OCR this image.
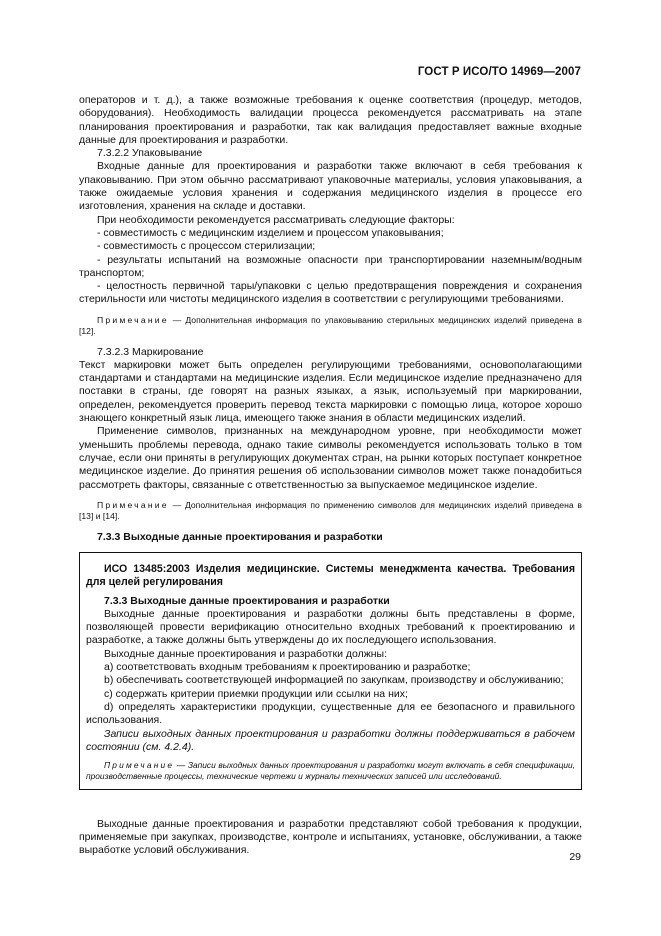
ГОСТ Р ИСО/ТО 14969—2007

операторов и т. д.), а также возможные требования к оценке соответствия (процедур, методов, оборудования). Необходимость валидации процесса рекомендуется рассматривать на этапе планирования проектирования и разработки, так как валидация предоставляет важные входные данные для проектирования и разработки.

7.3.2.2 Упаковывание

Входные данные для проектирования и разработки также включают в себя требования к упаковыванию. При этом обычно рассматривают упаковочные материалы, условия упаковывания, а также ожидаемые условия хранения и содержания медицинского изделия в процессе его изготовления, хранения на складе и доставки.

При необходимости рекомендуется рассматривать следующие факторы:

- совместимость с медицинским изделием и процессом упаковывания;

- совместимость с процессом стерилизации;

- результаты испытаний на возможные опасности при транспортировании наземным/водным транспортом;

- целостность первичной тары/упаковки с целью предотвращения повреждения и сохранения стерильности или чистоты медицинского изделия в соответствии с регулирующими требованиями.

Примечание — Дополнительная информация по упаковыванию стерильных медицинских изделий приведена в [12].

7.3.2.3 Маркирование

Текст маркировки может быть определен регулирующими требованиями, основополагающими стандартами и стандартами на медицинские изделия. Если медицинское изделие предназначено для поставки в страны, где говорят на разных языках, а язык, используемый при маркировании, определен, рекомендуется проверить перевод текста маркировки с помощью лица, которое хорошо знающего конкретный язык лица, имеющего также знания в области медицинских изделий.

Применение символов, признанных на международном уровне, при необходимости может уменьшить проблемы перевода, однако такие символы рекомендуется использовать только в том случае, если они приняты в регулирующих документах стран, на рынки которых поступает конкретное медицинское изделие. До принятия решения об использовании символов может также понадобиться рассмотреть факторы, связанные с ответственностью за выпускаемое медицинское изделие.

Примечание — Дополнительная информация по применению символов для медицинских изделий приведена в [13] и [14].

7.3.3 Выходные данные проектирования и разработки

ИСО 13485:2003 Изделия медицинские. Системы менеджмента качества. Требования для целей регулирования

7.3.3 Выходные данные проектирования и разработки

Выходные данные проектирования и разработки должны быть представлены в форме, позволяющей провести верификацию относительно входных требований к проектированию и разработке, а также должны быть утверждены до их последующего использования.

Выходные данные проектирования и разработки должны:

a) соответствовать входным требованиям к проектированию и разработке;

b) обеспечивать соответствующей информацией по закупкам, производству и обслуживанию;

c) содержать критерии приемки продукции или ссылки на них;

d) определять характеристики продукции, существенные для ее безопасного и правильного использования.

Записи выходных данных проектирования и разработки должны поддерживаться в рабочем состоянии (см. 4.2.4).

Примечание — Записи выходных данных проектирования и разработки могут включать в себя спецификации, производственные процессы, технические чертежи и журналы технических записей или исследований.

Выходные данные проектирования и разработки представляют собой требования к продукции, применяемые при закупках, производстве, контроле и испытаниях, установке, обслуживании, а также выработке условий обслуживания.

29
